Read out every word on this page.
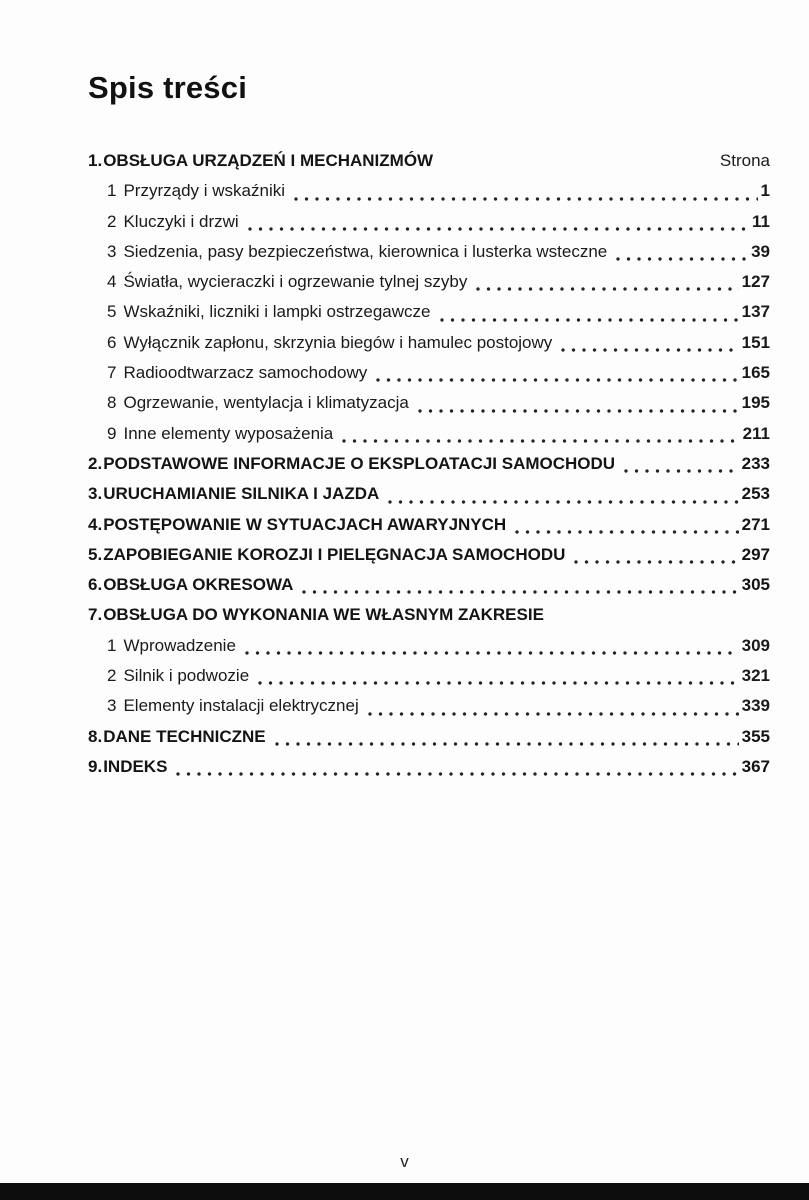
Spis treści
1. OBSŁUGA URZĄDZEŃ I MECHANIZMÓW	Strona
1 Przyrządy i wskaźniki	1
2 Kluczyki i drzwi	11
3 Siedzenia, pasy bezpieczeństwa, kierownica i lusterka wsteczne	39
4 Światła, wycieraczki i ogrzewanie tylnej szyby	127
5 Wskaźniki, liczniki i lampki ostrzegawcze	137
6 Wyłącznik zapłonu, skrzynia biegów i hamulec postojowy	151
7 Radioodtwarzacz samochodowy	165
8 Ogrzewanie, wentylacja i klimatyzacja	195
9 Inne elementy wyposażenia	211
2. PODSTAWOWE INFORMACJE O EKSPLOATACJI SAMOCHODU	233
3. URUCHAMIANIE SILNIKA I JAZDA	253
4. POSTĘPOWANIE W SYTUACJACH AWARYJNYCH	271
5. ZAPOBIEGANIE KOROZJI I PIELĘGNACJA SAMOCHODU	297
6. OBSŁUGA OKRESOWA	305
7. OBSŁUGA DO WYKONANIA WE WŁASNYM ZAKRESIE
1 Wprowadzenie	309
2 Silnik i podwozie	321
3 Elementy instalacji elektrycznej	339
8. DANE TECHNICZNE	355
9. INDEKS	367
v
